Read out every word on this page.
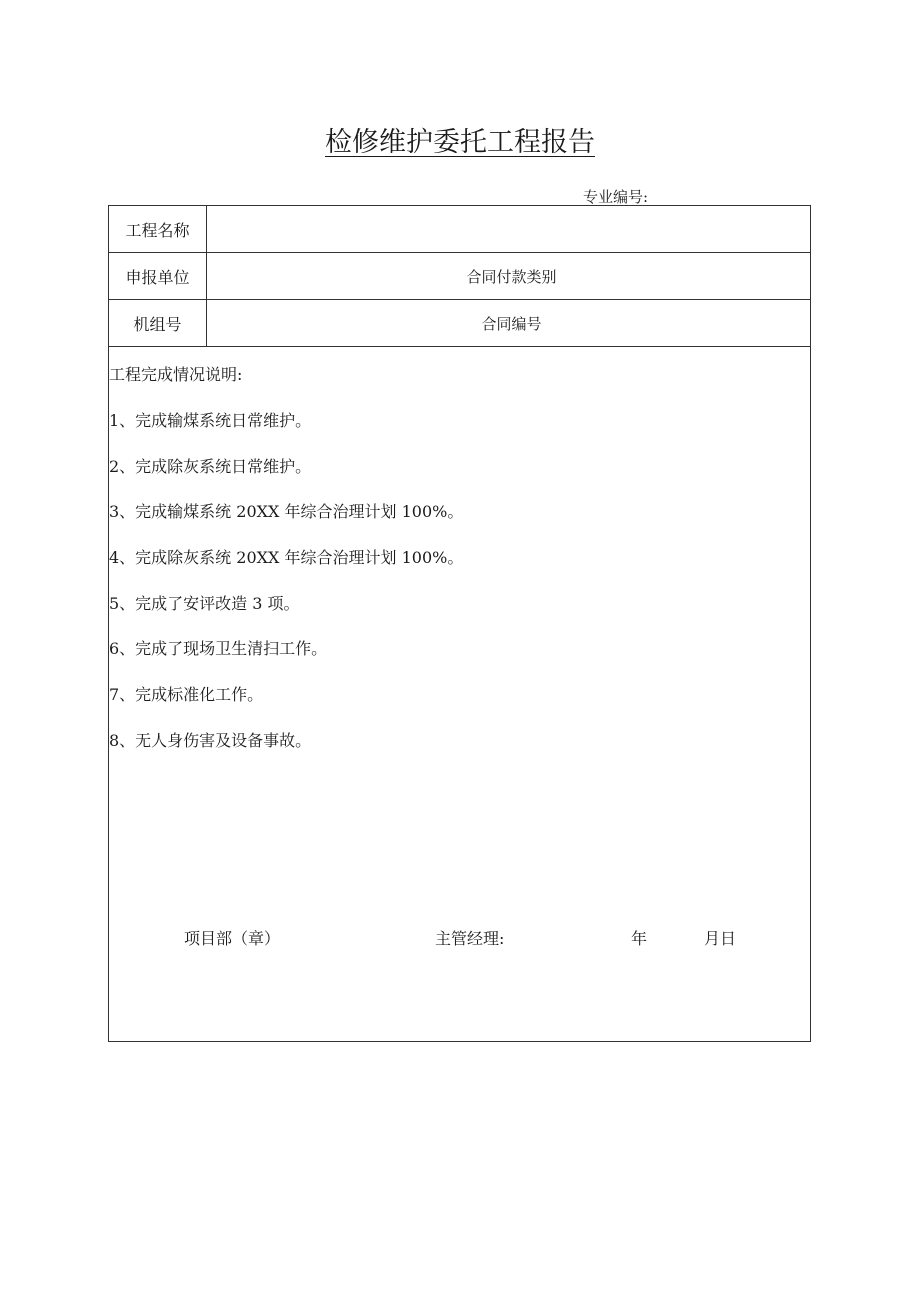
检修维护委托工程报告
专业编号:
工程名称
申报单位	合同付款类别
机组号	合同编号
工程完成情况说明:
1、完成输煤系统日常维护。
2、完成除灰系统日常维护。
3、完成输煤系统 20XX 年综合治理计划 100%。
4、完成除灰系统 20XX 年综合治理计划 100%。
5、完成了安评改造 3 项。
6、完成了现场卫生清扫工作。
7、完成标准化工作。
8、无人身伤害及设备事故。
项目部（章）	主管经理:	年	月日
